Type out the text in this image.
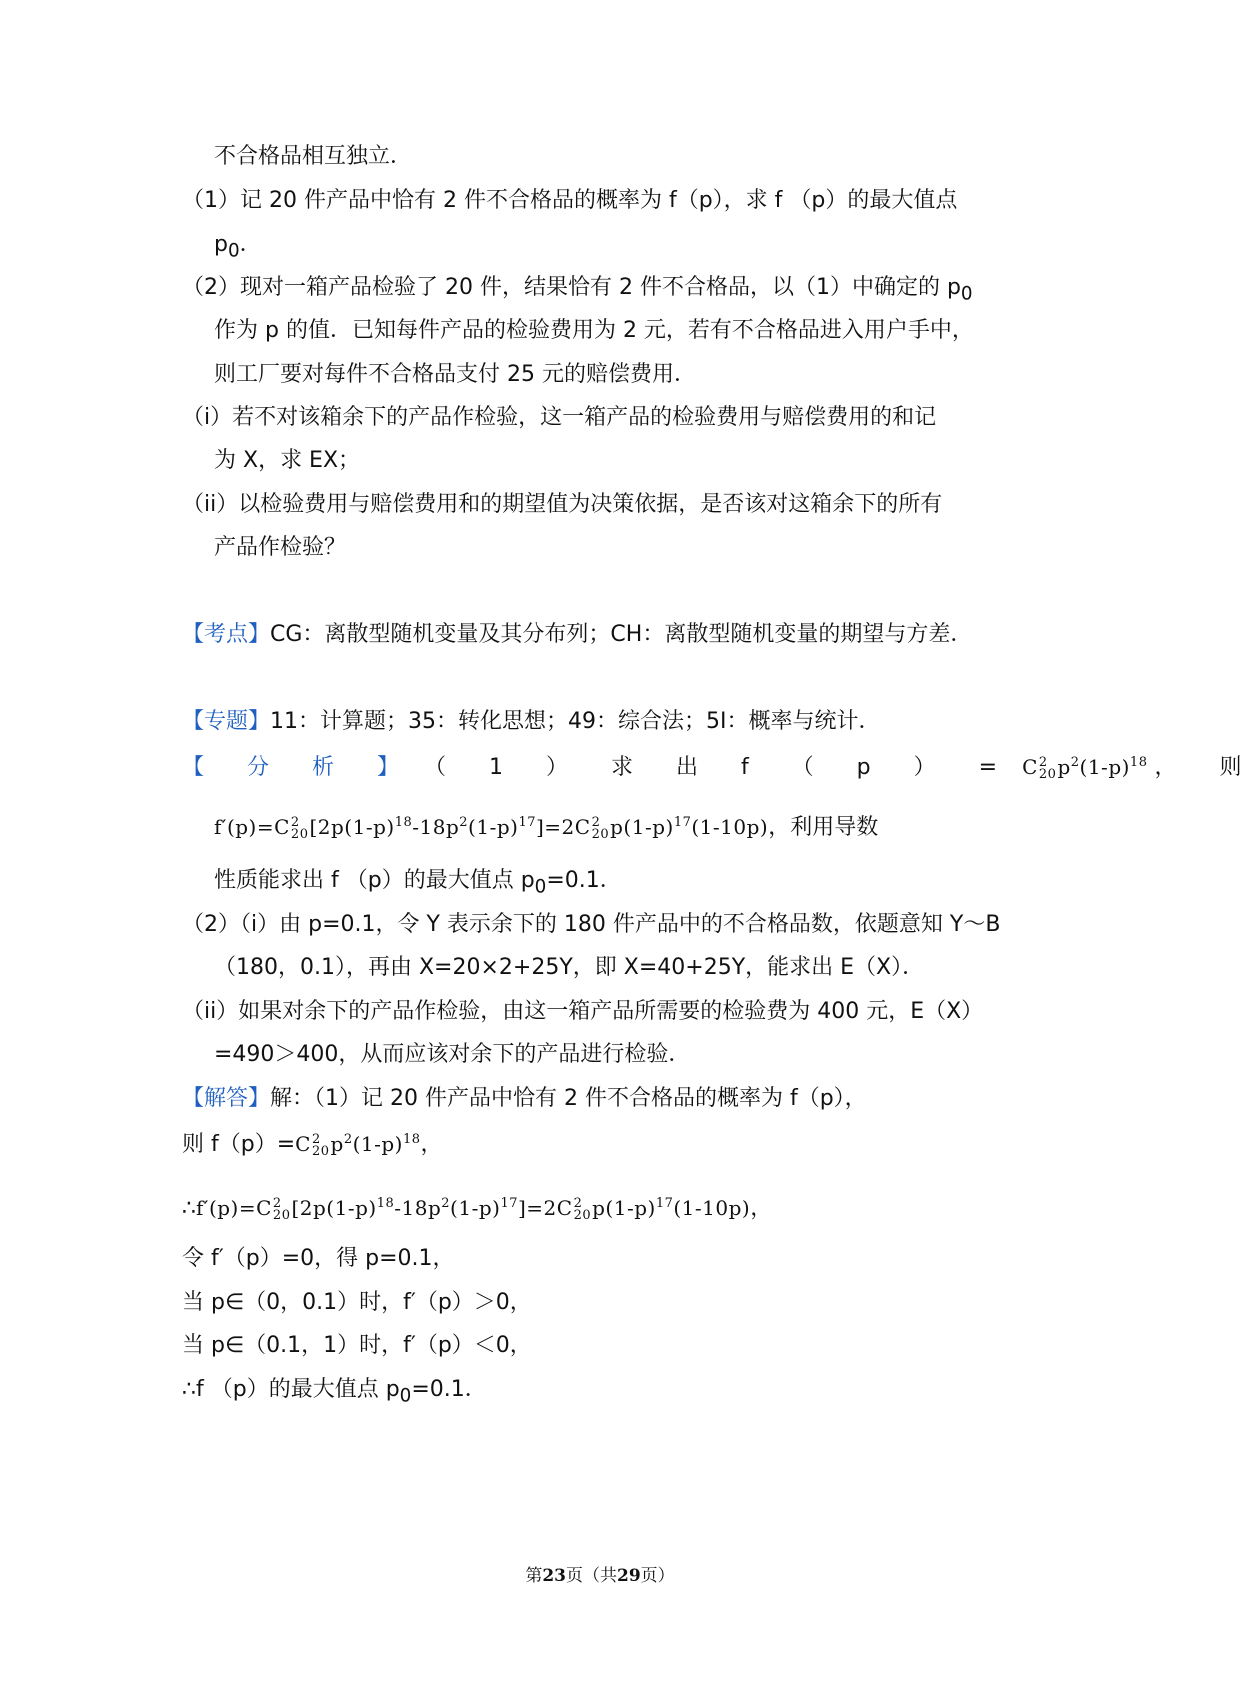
不合格品相互独立．
（1）记 20 件产品中恰有 2 件不合格品的概率为 f（p），求 f （p）的最大值点
$p_0$．
（2）现对一箱产品检验了 20 件，结果恰有 2 件不合格品，以（1）中确定的 $p_0$
作为 p 的值．已知每件产品的检验费用为 2 元，若有不合格品进入用户手中，
则工厂要对每件不合格品支付 25 元的赔偿费用．
（i）若不对该箱余下的产品作检验，这一箱产品的检验费用与赔偿费用的和记
为 X，求 EX；
（ii）以检验费用与赔偿费用和的期望值为决策依据，是否该对这箱余下的所有
产品作检验？
【考点】CG：离散型随机变量及其分布列；CH：离散型随机变量的期望与方差．
【专题】11：计算题；35：转化思想；49：综合法；5I：概率与统计．
【 分 析 】 （ 1 ） 求 出 f （ p ） = C 2
20 $p^2(1-p)^{18}$ ， 则
f′(p)=C 2
20 $[2p(1-p)^{18}-18p^2(1-p)^{17}]=2C$ 2
20 $p(1-p)^{17}(1-10p)$，利用导数
性质能求出 f （p）的最大值点 $p_0=0.1$．
（2）（i）由 p=0.1，令 Y 表示余下的 180 件产品中的不合格品数，依题意知 Y～B
（180，0.1），再由 X=20×2+25Y，即 X=40+25Y，能求出 E（X）．
（ii）如果对余下的产品作检验，由这一箱产品所需要的检验费为 400 元，E（X）
=490＞400，从而应该对余下的产品进行检验．
【解答】解：（1）记 20 件产品中恰有 2 件不合格品的概率为 f（p），
则 f（p）=C 2
20 $p^2(1-p)^{18}$，
∴f′(p)=C 2
20 $[2p(1-p)^{18}-18p^2(1-p)^{17}]=2C$ 2
20 $p(1-p)^{17}(1-10p)$，
令 f′（p）=0，得 p=0.1，
当 p∈（0，0.1）时，f′（p）＞0，
当 p∈（0.1，1）时，f′（p）＜0，
∴f （p）的最大值点 $p_0=0.1$．
第23页（共29页）
